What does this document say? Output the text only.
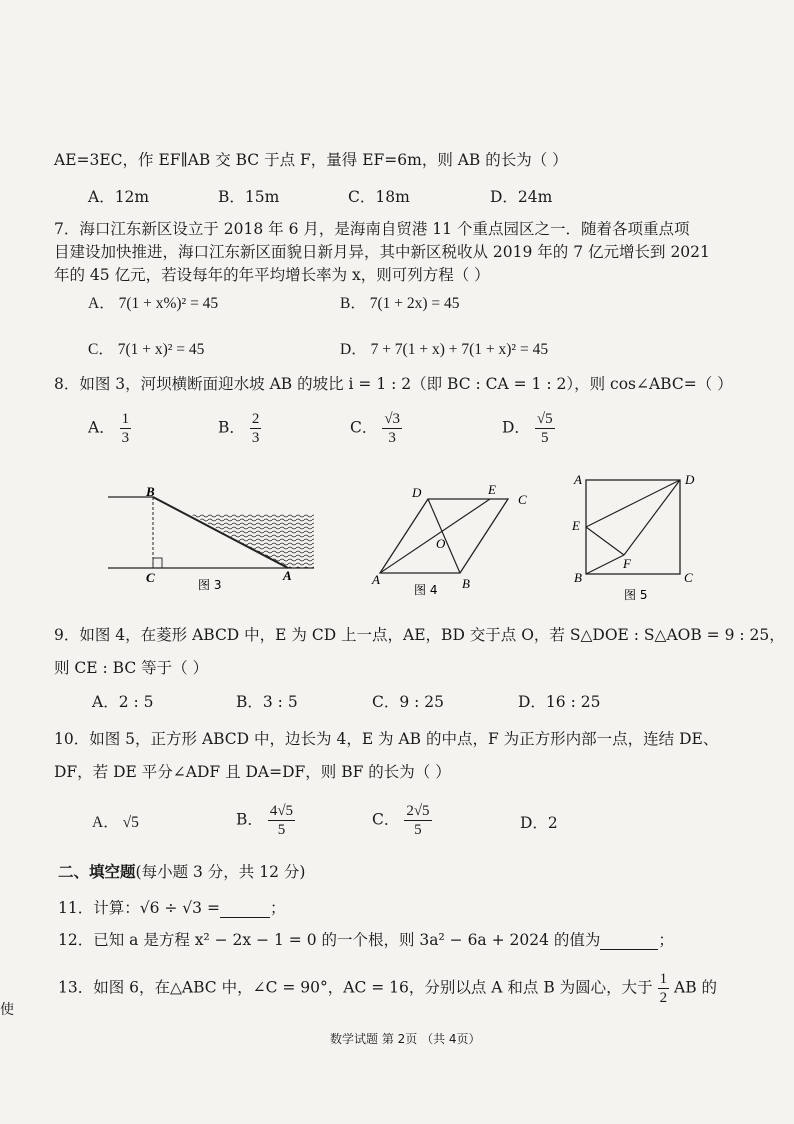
AE=3EC，作 EF∥AB 交 BC 于点 F，量得 EF=6m，则 AB 的长为（ ）
A．12m	B．15m	C．18m	D．24m
7．海口江东新区设立于 2018 年 6 月，是海南自贸港 11 个重点园区之一．随着各项重点项
目建设加快推进，海口江东新区面貌日新月异，其中新区税收从 2019 年的 7 亿元增长到 2021
年的 45 亿元，若设每年的年平均增长率为 x，则可列方程（ ）
A． 7(1 + x%)² = 45	B． 7(1 + 2x) = 45
C． 7(1 + x)² = 45	D． 7 + 7(1 + x) + 7(1 + x)² = 45
8．如图 3，河坝横断面迎水坡 AB 的坡比 i = 1 : 2（即 BC : CA = 1 : 2），则 cos∠ABC=（ ）
A． $\frac{1}{3}$	B． $\frac{2}{3}$	C． $\frac{√3}{3}$	D． $\frac{√5}{5}$
B
C	A
图 3
D	E
C
O
A	B
图 4
A	D
E
F
B	C
图 5
9．如图 4，在菱形 ABCD 中，E 为 CD 上一点，AE，BD 交于点 O，若 S△DOE : S△AOB = 9 : 25，
则 CE : BC 等于（ ）
A．2 : 5	B．3 : 5	C．9 : 25	D．16 : 25
10．如图 5，正方形 ABCD 中，边长为 4，E 为 AB 的中点，F 为正方形内部一点，连结 DE、
DF，若 DE 平分∠ADF 且 DA=DF，则 BF 的长为（ ）
A． √5	B． $\frac{4√5}{5}$	C． $\frac{2√5}{5}$	D．2
二、填空题(每小题 3 分，共 12 分)
11．计算：√6 ÷ √3 =	；
12．已知 a 是方程 x² − 2x − 1 = 0 的一个根，则 3a² − 6a + 2024 的值为	；
13．如图 6，在△ABC 中，∠C = 90°，AC = 16，分别以点 A 和点 B 为圆心，大于 $\frac{1}{2}$ AB 的
使
数学试题 第 2页 （共 4页）
